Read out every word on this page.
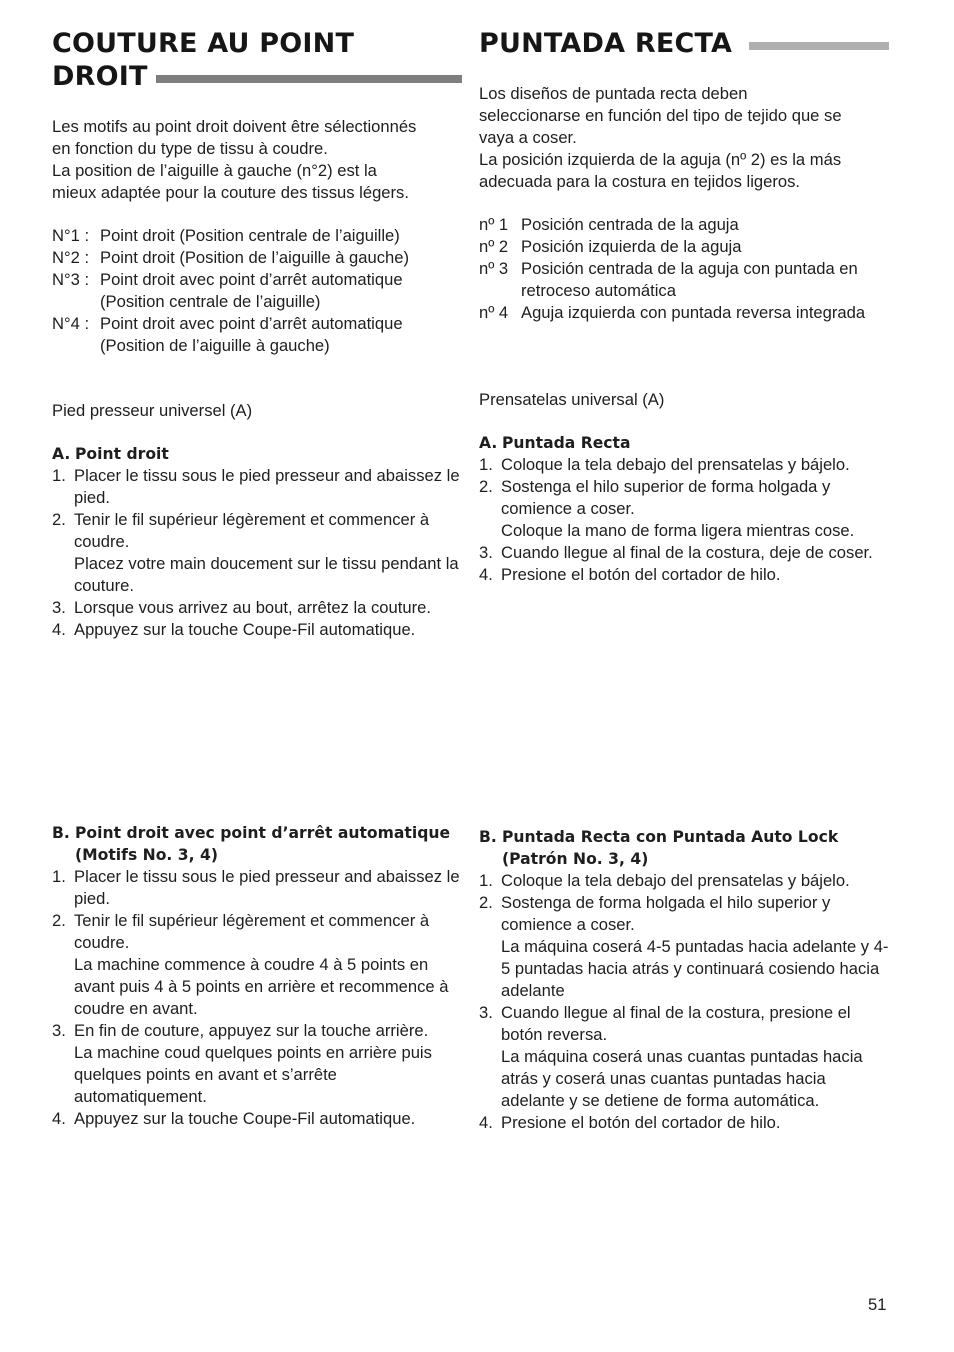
COUTURE AU POINT
DROIT

Les motifs au point droit doivent être sélectionnés

en fonction du type de tissu à coudre.

La position de l’aiguille à gauche (n°2) est la

mieux adaptée pour la couture des tissus légers.

N°1 : Point droit (Position centrale de l’aiguille)
N°2 : Point droit (Position de l’aiguille à gauche)
N°3 : Point droit avec point d’arrêt automatique (Position centrale de l’aiguille)
N°4 : Point droit avec point d’arrêt automatique (Position de l’aiguille à gauche)
Pied presseur universel (A)
A. Point droit
1. Placer le tissu sous le pied presseur and abaissez le pied.
2. Tenir le fil supérieur légèrement et commencer à coudre.
Placez votre main doucement sur le tissu pendant la couture.
3. Lorsque vous arrivez au bout, arrêtez la couture.
4. Appuyez sur la touche Coupe-Fil automatique.
B. Point droit avec point d’arrêt automatique (Motifs No. 3, 4)
1. Placer le tissu sous le pied presseur and abaissez le pied.
2. Tenir le fil supérieur légèrement et commencer à coudre.
La machine commence à coudre 4 à 5 points en avant puis 4 à 5 points en arrière et recommence à coudre en avant.
3. En fin de couture, appuyez sur la touche arrière.
La machine coud quelques points en arrière puis quelques points en avant et s’arrête automatiquement.
4. Appuyez sur la touche Coupe-Fil automatique.
PUNTADA RECTA

Los diseños de puntada recta deben

seleccionarse en función del tipo de tejido que se

vaya a coser.

La posición izquierda de la aguja (nº 2) es la más

adecuada para la costura en tejidos ligeros.

nº 1 Posición centrada de la aguja
nº 2 Posición izquierda de la aguja
nº 3 Posición centrada de la aguja con puntada en retroceso automática
nº 4 Aguja izquierda con puntada reversa integrada
Prensatelas universal (A)
A. Puntada Recta
1. Coloque la tela debajo del prensatelas y bájelo.
2. Sostenga el hilo superior de forma holgada y comience a coser.
Coloque la mano de forma ligera mientras cose.
3. Cuando llegue al final de la costura, deje de coser.
4. Presione el botón del cortador de hilo.
B. Puntada Recta con Puntada Auto Lock (Patrón No. 3, 4)
1. Coloque la tela debajo del prensatelas y bájelo.
2. Sostenga de forma holgada el hilo superior y comience a coser.
La máquina coserá 4-5 puntadas hacia adelante y 4-5 puntadas hacia atrás y continuará cosiendo hacia adelante
3. Cuando llegue al final de la costura, presione el botón reversa.
La máquina coserá unas cuantas puntadas hacia atrás y coserá unas cuantas puntadas hacia adelante y se detiene de forma automática.
4. Presione el botón del cortador de hilo.
51
